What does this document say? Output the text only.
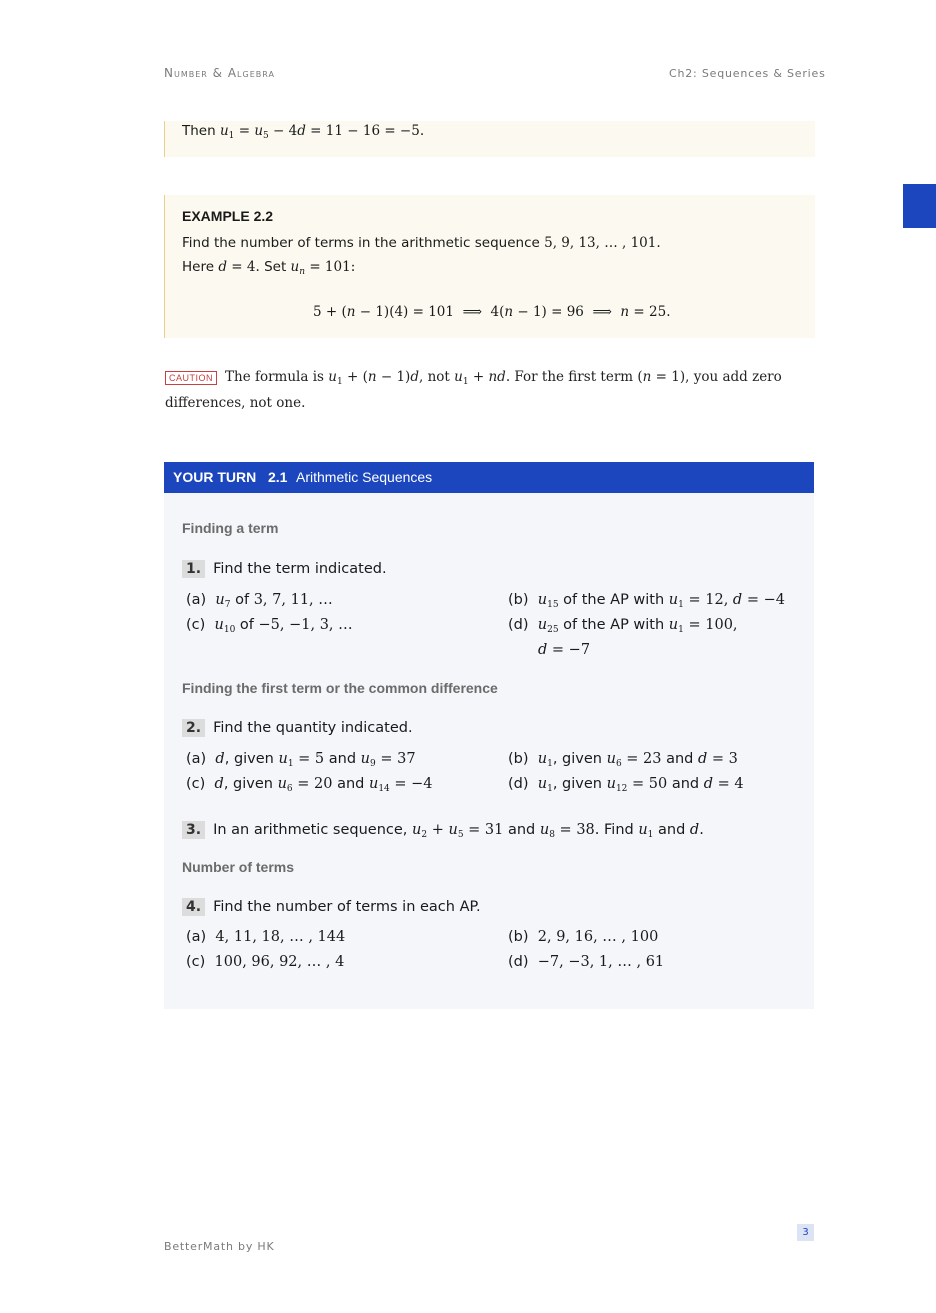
Number & Algebra	Ch2: Sequences & Series
Then $u_1 = u_5 - 4d = 11 - 16 = -5$.
EXAMPLE 2.2
Find the number of terms in the arithmetic sequence 5, 9, 13, … , 101.
Here d = 4. Set $u_n = 101$:
5 + (n − 1)(4) = 101  ⟹  4(n − 1) = 96  ⟹  n = 25.
CAUTION The formula is $u_1 + (n - 1)d$, not $u_1$ + nd. For the first term (n = 1), you add zero
differences, not one.
YOUR TURN 2.1 Arithmetic Sequences
Finding a term
1. Find the term indicated.
(a) $u_7$ of 3, 7, 11, …	(b) $u_{15}$ of the AP with $u_1 = 12$, d = −4
(c) $u_{10}$ of −5, −1, 3, …	(d) $u_{25}$ of the AP with $u_1 = 100$,
d = −7
Finding the first term or the common difference
2. Find the quantity indicated.
(a) d, given $u_1 = 5$ and $u_9 = 37$	(b) $u_1$, given $u_6 = 23$ and d = 3
(c) d, given $u_6 = 20$ and $u_{14} = -4$	(d) $u_1$, given $u_{12} = 50$ and d = 4
3. In an arithmetic sequence, $u_2 + u_5 = 31$ and $u_8 = 38$. Find $u_1$ and d.
Number of terms
4. Find the number of terms in each AP.
(a) 4, 11, 18, … , 144	(b) 2, 9, 16, … , 100
(c) 100, 96, 92, … , 4	(d) −7, −3, 1, … , 61
3
BetterMath by HK
